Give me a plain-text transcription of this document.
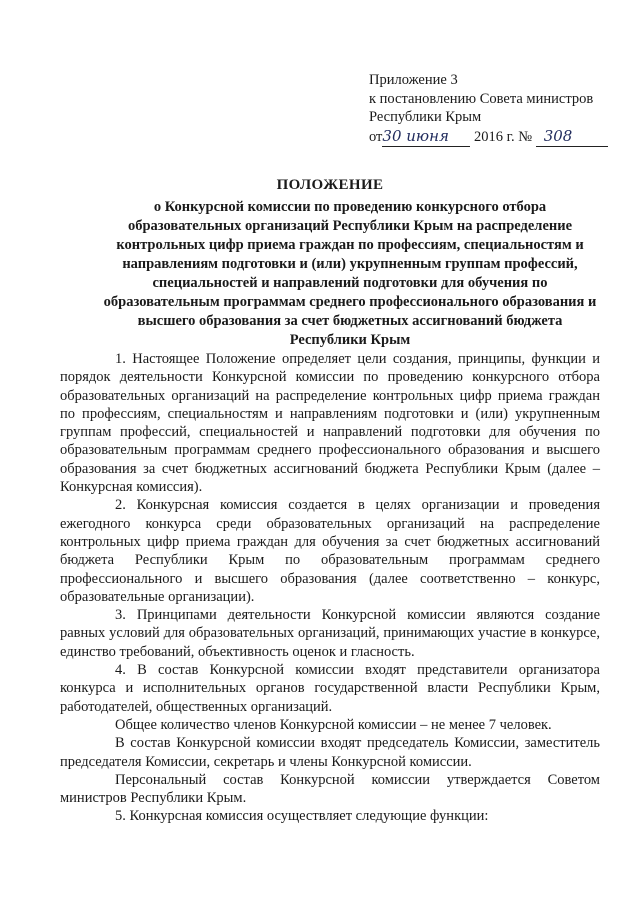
Приложение 3
к постановлению Совета министров
Республики Крым
от30 июня 2016 г. № 308
ПОЛОЖЕНИЕ
о Конкурсной комиссии по проведению конкурсного отбора образовательных организаций Республики Крым на распределение контрольных цифр приема граждан по профессиям, специальностям и направлениям подготовки и (или) укрупненным группам профессий, специальностей и направлений подготовки для обучения по образовательным программам среднего профессионального образования и высшего образования за счет бюджетных ассигнований бюджета Республики Крым

1. Настоящее Положение определяет цели создания, принципы, функции и порядок деятельности Конкурсной комиссии по проведению конкурсного отбора образовательных организаций на распределение контрольных цифр приема граждан по профессиям, специальностям и направлениям подготовки и (или) укрупненным группам профессий, специальностей и направлений подготовки для обучения по образовательным программам среднего профессионального образования и высшего образования за счет бюджетных ассигнований бюджета Республики Крым (далее – Конкурсная комиссия).

2. Конкурсная комиссия создается в целях организации и проведения ежегодного конкурса среди образовательных организаций на распределение контрольных цифр приема граждан для обучения за счет бюджетных ассигнований бюджета Республики Крым по образовательным программам среднего профессионального и высшего образования (далее соответственно – конкурс, образовательные организации).

3. Принципами деятельности Конкурсной комиссии являются создание равных условий для образовательных организаций, принимающих участие в конкурсе, единство требований, объективность оценок и гласность.

4. В состав Конкурсной комиссии входят представители организатора конкурса и исполнительных органов государственной власти Республики Крым, работодателей, общественных организаций.

Общее количество членов Конкурсной комиссии – не менее 7 человек.

В состав Конкурсной комиссии входят председатель Комиссии, заместитель председателя Комиссии, секретарь и члены Конкурсной комиссии.

Персональный состав Конкурсной комиссии утверждается Советом министров Республики Крым.

5. Конкурсная комиссия осуществляет следующие функции:
